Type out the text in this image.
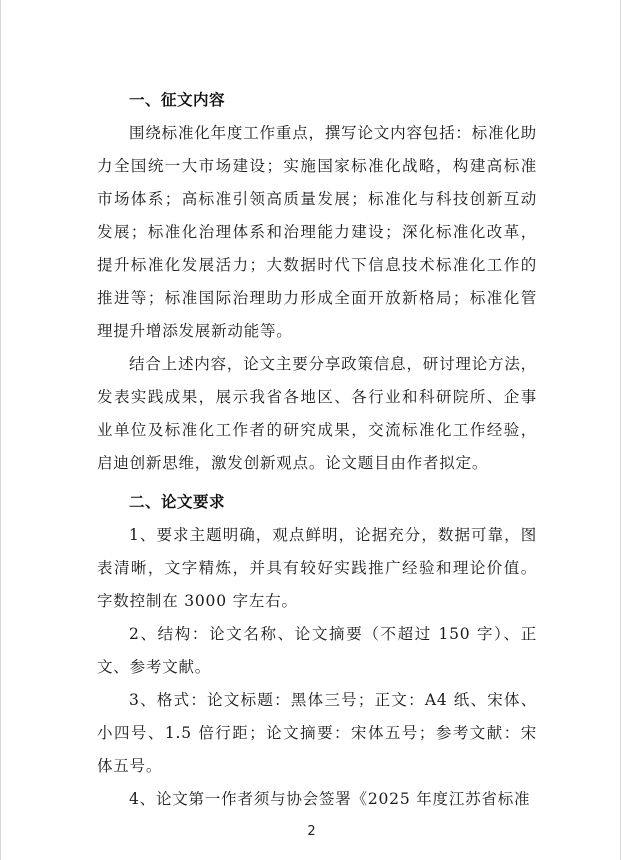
一、征文内容

围绕标准化年度工作重点，撰写论文内容包括：标准化助力全国统一大市场建设；实施国家标准化战略，构建高标准市场体系；高标准引领高质量发展；标准化与科技创新互动发展；标准化治理体系和治理能力建设；深化标准化改革，提升标准化发展活力；大数据时代下信息技术标准化工作的推进等；标准国际治理助力形成全面开放新格局；标准化管理提升增添发展新动能等。

结合上述内容，论文主要分享政策信息，研讨理论方法，发表实践成果，展示我省各地区、各行业和科研院所、企事业单位及标准化工作者的研究成果，交流标准化工作经验，启迪创新思维，激发创新观点。论文题目由作者拟定。

二、论文要求

1、要求主题明确，观点鲜明，论据充分，数据可靠，图表清晰，文字精炼，并具有较好实践推广经验和理论价值。字数控制在 3000 字左右。

2、结构：论文名称、论文摘要（不超过 150 字）、正文、参考文献。

3、格式：论文标题：黑体三号；正文：A4 纸、宋体、小四号、1.5 倍行距；论文摘要：宋体五号；参考文献：宋体五号。

4、论文第一作者须与协会签署《2025 年度江苏省标准

2
